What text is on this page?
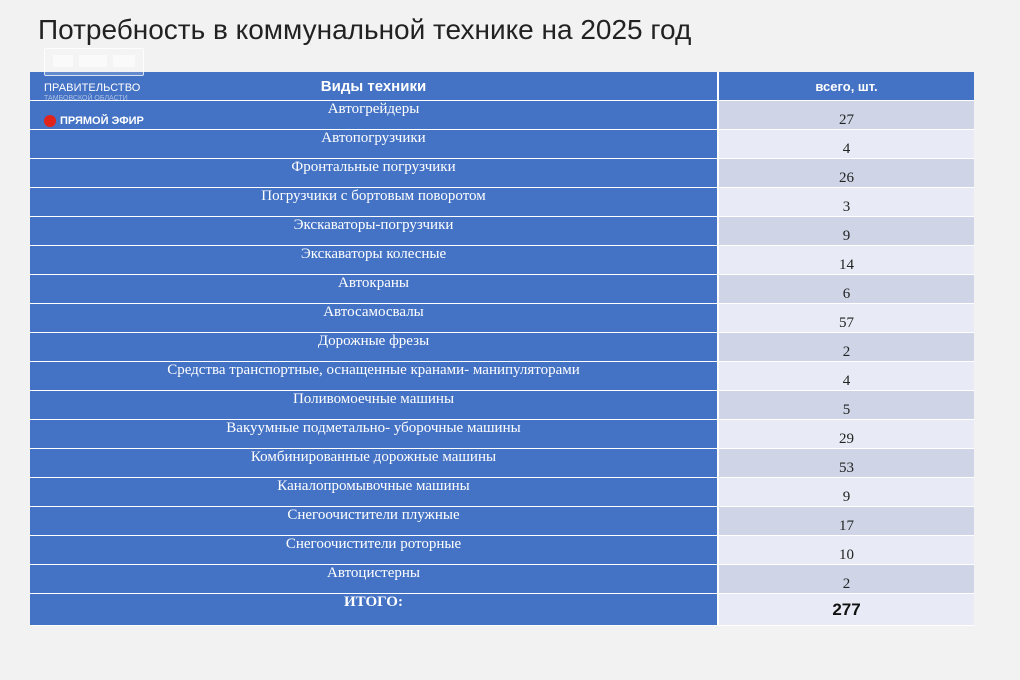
Потребность в коммунальной технике на 2025 год
Виды техники	всего, шт.
Автогрейдеры	27
Автопогрузчики	4
Фронтальные погрузчики	26
Погрузчики с бортовым поворотом	3
Экскаваторы-погрузчики	9
Экскаваторы колесные	14
Автокраны	6
Автосамосвалы	57
Дорожные фрезы	2
Средства транспортные, оснащенные кранами- манипуляторами	4
Поливомоечные машины	5
Вакуумные подметально- уборочные машины	29
Комбинированные дорожные машины	53
Каналопромывочные машины	9
Снегоочистители плужные	17
Снегоочистители роторные	10
Автоцистерны	2
ИТОГО:	277
ПРАВИТЕЛЬСТВО
ТАМБОВСКОЙ ОБЛАСТИ
ПРЯМОЙ ЭФИР
